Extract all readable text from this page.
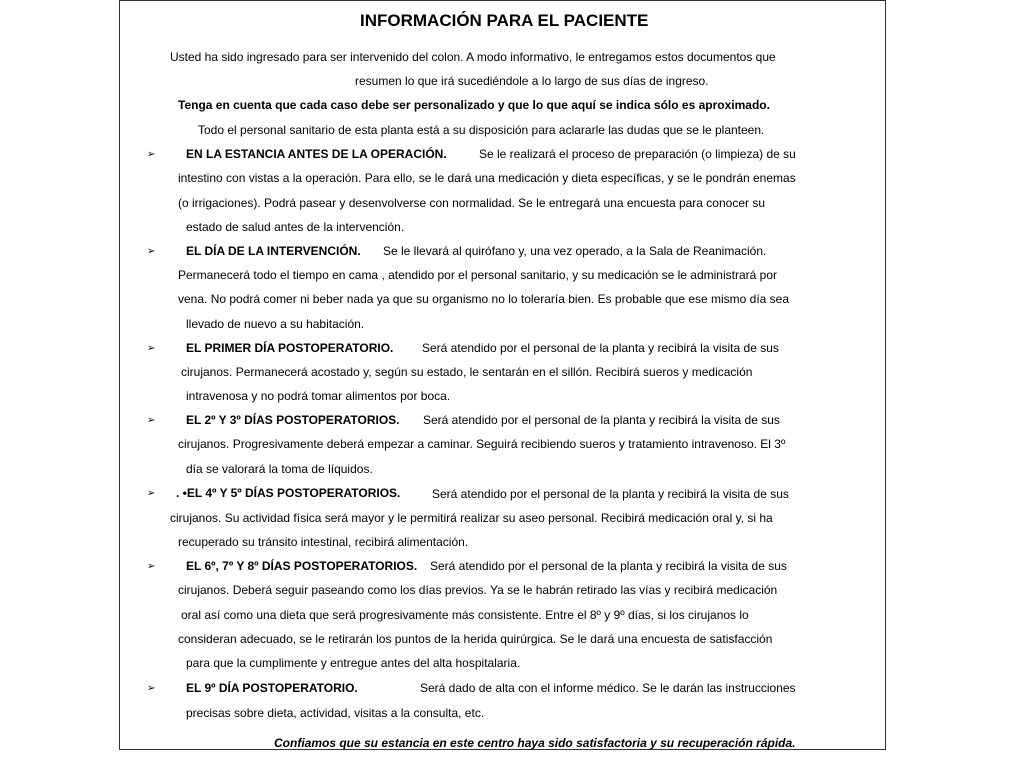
INFORMACIÓN PARA EL PACIENTE
Usted ha sido ingresado para ser intervenido del colon. A modo informativo, le entregamos estos documentos que
resumen lo que irá sucediéndole a lo largo de sus días de ingreso.
Tenga en cuenta que cada caso debe ser personalizado y que lo que aquí se indica sólo es aproximado.
Todo el personal sanitario de esta planta está a su disposición para aclararle las dudas que se le planteen.
➢	EN LA ESTANCIA ANTES DE LA OPERACIÓN.	Se le realizará el proceso de preparación (o limpieza) de su
intestino con vistas a la operación. Para ello, se le dará una medicación y dieta específicas, y se le pondrán enemas
(o irrigaciones). Podrá pasear y desenvolverse con normalidad. Se le entregará una encuesta para conocer su
estado de salud antes de la intervención.
➢	EL DÍA DE LA INTERVENCIÓN. Se le llevará al quirófano y, una vez operado, a la Sala de Reanimación.
Permanecerá todo el tiempo en cama , atendido por el personal sanitario, y su medicación se le administrará por
vena. No podrá comer ni beber nada ya que su organismo no lo toleraría bien. Es probable que ese mismo día sea
llevado de nuevo a su habitación.
➢	EL PRIMER DÍA POSTOPERATORIO. Será atendido por el personal de la planta y recibirá la visita de sus
cirujanos. Permanecerá acostado y, según su estado, le sentarán en el sillón. Recibirá sueros y medicación
intravenosa y no podrá tomar alimentos por boca.
➢	EL 2º Y 3º DÍAS POSTOPERATORIOS. Será atendido por el personal de la planta y recibirá la visita de sus
cirujanos. Progresivamente deberá empezar a caminar. Seguirá recibiendo sueros y tratamiento intravenoso. El 3º
día se valorará la toma de líquidos.
➢ . •EL 4º Y 5º DÍAS POSTOPERATORIOS.	Será atendido por el personal de la planta y recibirá la visita de sus
cirujanos. Su actividad física será mayor y le permitirá realizar su aseo personal. Recibirá medicación oral y, si ha
recuperado su tránsito intestinal, recibirá alimentación.
➢	EL 6º, 7º Y 8º DÍAS POSTOPERATORIOS. Será atendido por el personal de la planta y recibirá la visita de sus
cirujanos. Deberá seguir paseando como los días previos. Ya se le habrán retirado las vías y recibirá medicación
oral así como una dieta que será progresivamente más consistente. Entre el 8º y 9º días, si los cirujanos lo
consideran adecuado, se le retirarán los puntos de la herida quirúrgica. Se le dará una encuesta de satisfacción
para que la cumplimente y entregue antes del alta hospitalaria.
➢	EL 9º DÍA POSTOPERATORIO.	Será dado de alta con el informe médico. Se le darán las instrucciones
precisas sobre dieta, actividad, visitas a la consulta, etc.
Confiamos que su estancia en este centro haya sido satisfactoria y su recuperación rápida.
